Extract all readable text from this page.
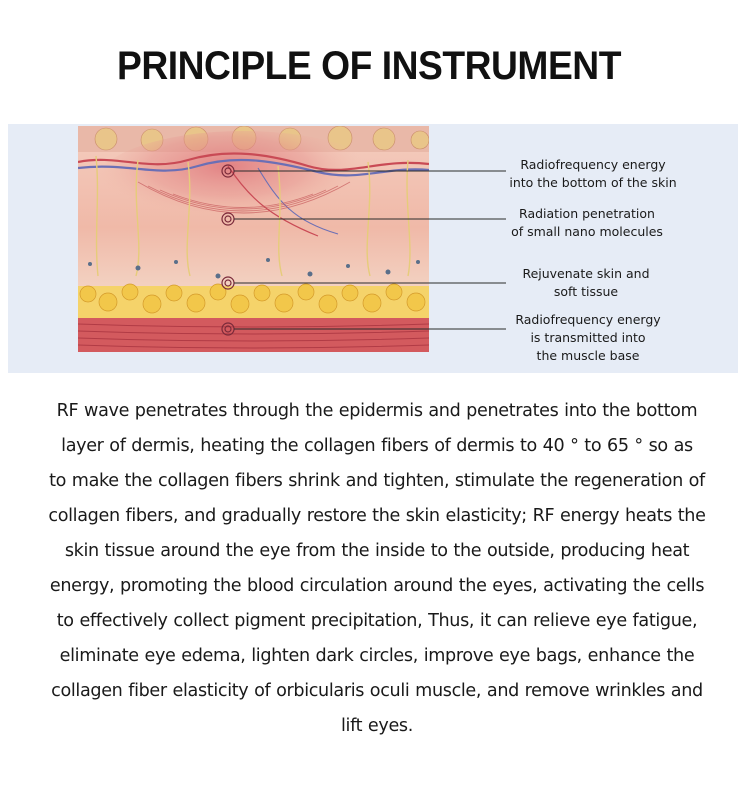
PRINCIPLE OF INSTRUMENT
Radiofrequency energy
into the bottom of the skin
Radiation penetration
of small nano molecules
Rejuvenate skin and
soft tissue
Radiofrequency energy
is transmitted into
the muscle base
RF wave penetrates through the epidermis and penetrates into the bottom
layer of dermis, heating the collagen fibers of dermis to 40 ° to 65 ° so as
to make the collagen fibers shrink and tighten, stimulate the regeneration of
collagen fibers, and gradually restore the skin elasticity; RF energy heats the
skin tissue around the eye from the inside to the outside, producing heat
energy, promoting the blood circulation around the eyes, activating the cells
to effectively collect pigment precipitation, Thus, it can relieve eye fatigue,
eliminate eye edema, lighten dark circles, improve eye bags, enhance the
collagen fiber elasticity of orbicularis oculi muscle, and remove wrinkles and
lift eyes.
